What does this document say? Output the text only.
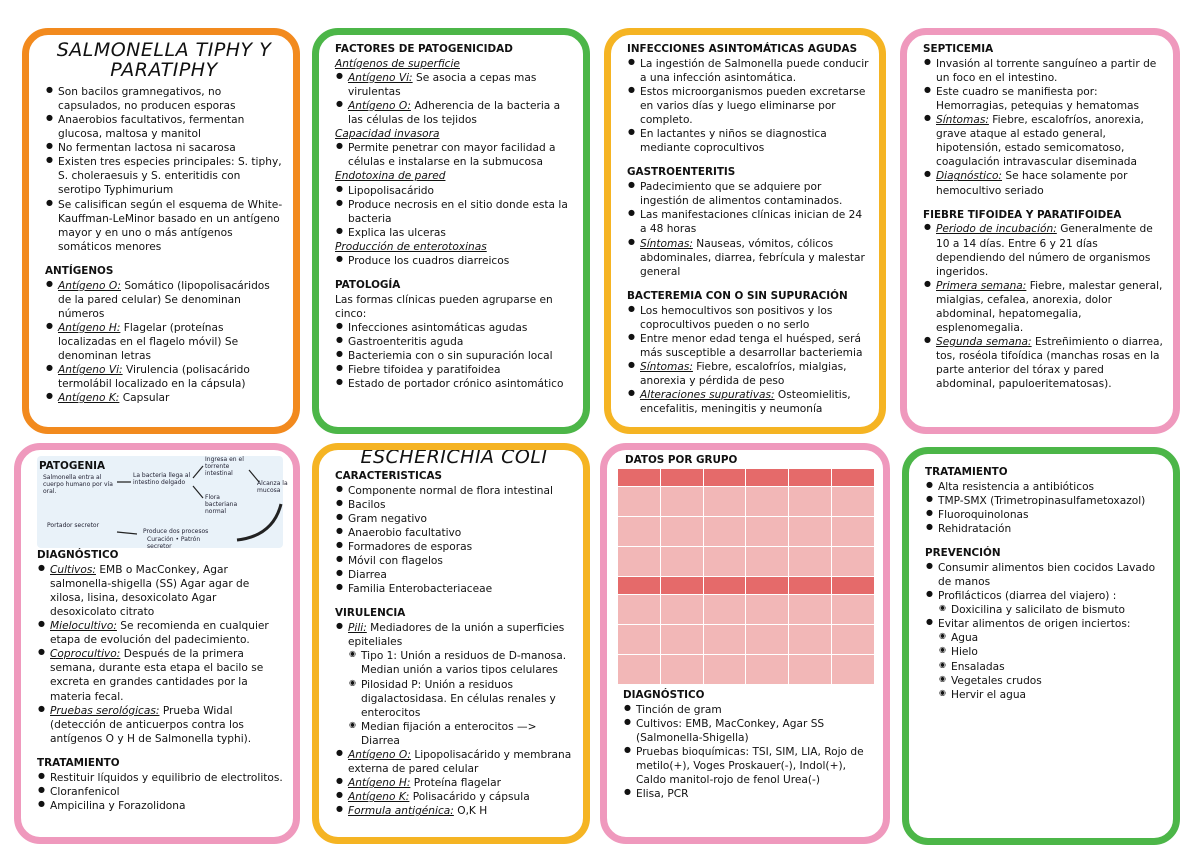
SALMONELLA TIPHY Y PARATIPHY
● Son bacilos gramnegativos, no capsulados, no producen esporas
● Anaerobios facultativos, fermentan glucosa, maltosa y manitol
● No fermentan lactosa ni sacarosa
● Existen tres especies principales: S. tiphy, S. choleraesuis y S. enteritidis con serotipo Typhimurium
● Se calisifican según el esquema de White-Kauffman-LeMinor basado en un antígeno mayor y en uno o más antígenos somáticos menores
ANTÍGENOS
● Antígeno O: Somático (lipopolisacáridos de la pared celular) Se denominan números
● Antígeno H: Flagelar (proteínas localizadas en el flagelo móvil) Se denominan letras
● Antígeno Vi: Virulencia (polisacárido termolábil localizado en la cápsula)
● Antígeno K: Capsular
FACTORES DE PATOGENICIDAD
Antígenos de superficie
● Antígeno Vi: Se asocia a cepas mas virulentas
● Antígeno O: Adherencia de la bacteria a las células de los tejidos
Capacidad invasora
● Permite penetrar con mayor facilidad a células e instalarse en la submucosa
Endotoxina de pared
● Lipopolisacárido
● Produce necrosis en el sitio donde esta la bacteria
● Explica las ulceras
Producción de enterotoxinas
● Produce los cuadros diarreicos
PATOLOGÍA
Las formas clínicas pueden agruparse en cinco:
● Infecciones asintomáticas agudas
● Gastroenteritis aguda
● Bacteriemia con o sin supuración local
● Fiebre tifoidea y paratifoidea
● Estado de portador crónico asintomático
INFECCIONES ASINTOMÁTICAS AGUDAS
● La ingestión de Salmonella puede conducir a una infección asintomática.
● Estos microorganismos pueden excretarse en varios días y luego eliminarse por completo.
● En lactantes y niños se diagnostica mediante coprocultivos
GASTROENTERITIS
● Padecimiento que se adquiere por ingestión de alimentos contaminados.
● Las manifestaciones clínicas inician de 24 a 48 horas
● Síntomas: Nauseas, vómitos, cólicos abdominales, diarrea, febrícula y malestar general
BACTEREMIA CON O SIN SUPURACIÓN
● Los hemocultivos son positivos y los coprocultivos pueden o no serlo
● Entre menor edad tenga el huésped, será más susceptible a desarrollar bacteriemia
● Síntomas: Fiebre, escalofríos, mialgias, anorexia y pérdida de peso
● Alteraciones supurativas: Osteomielitis, encefalitis, meningitis y neumonía
SEPTICEMIA
● Invasión al torrente sanguíneo a partir de un foco en el intestino.
● Este cuadro se manifiesta por: Hemorragias, petequias y hematomas
● Síntomas: Fiebre, escalofríos, anorexia, grave ataque al estado general, hipotensión, estado semicomatoso, coagulación intravascular diseminada
● Diagnóstico: Se hace solamente por hemocultivo seriado
FIEBRE TIFOIDEA Y PARATIFOIDEA
● Periodo de incubación: Generalmente de 10 a 14 días. Entre 6 y 21 días dependiendo del número de organismos ingeridos.
● Primera semana: Fiebre, malestar general, mialgias, cefalea, anorexia, dolor abdominal, hepatomegalia, esplenomegalia.
● Segunda semana: Estreñimiento o diarrea, tos, roséola tifoídica (manchas rosas en la parte anterior del tórax y pared abdominal, papuloeritematosas).
PATOGENIA
Salmonella entra al cuerpo humano por vía oral.
La bacteria llega al intestino delgado
Ingresa en el torrente intestinal
Flora bacteriana normal
Alcanza la mucosa
Portador secretor
Produce dos procesos
Curación • Patrón secretor
DIAGNÓSTICO
● Cultivos: EMB o MacConkey, Agar salmonella-shigella (SS) Agar agar de xilosa, lisina, desoxicolato Agar desoxicolato citrato
● Mielocultivo: Se recomienda en cualquier etapa de evolución del padecimiento.
● Coprocultivo: Después de la primera semana, durante esta etapa el bacilo se excreta en grandes cantidades por la materia fecal.
● Pruebas serológicas: Prueba Widal (detección de anticuerpos contra los antígenos O y H de Salmonella typhi).
TRATAMIENTO
● Restituir líquidos y equilibrio de electrolitos.
● Cloranfenicol
● Ampicilina y Forazolidona
ESCHERICHIA COLI
CARACTERISTICAS
● Componente normal de flora intestinal
● Bacilos
● Gram negativo
● Anaerobio facultativo
● Formadores de esporas
● Móvil con flagelos
● Diarrea
● Familia Enterobacteriaceae
VIRULENCIA
● Pili: Mediadores de la unión a superficies epiteliales
◉ Tipo 1: Unión a residuos de D-manosa. Median unión a varios tipos celulares
◉ Pilosidad P: Unión a residuos digalactosidasa. En células renales y enterocitos
◉ Median fijación a enterocitos —> Diarrea
● Antígeno O: Lipopolisacárido y membrana externa de pared celular
● Antígeno H: Proteína flagelar
● Antígeno K: Polisacárido y cápsula
● Formula antigénica: O,K H
DATOS POR GRUPO

DIAGNÓSTICO
● Tinción de gram
● Cultivos: EMB, MacConkey, Agar SS (Salmonella-Shigella)
● Pruebas bioquímicas: TSI, SIM, LIA, Rojo de metilo(+), Voges Proskauer(-), Indol(+), Caldo manitol-rojo de fenol Urea(-)
● Elisa, PCR
TRATAMIENTO
● Alta resistencia a antibióticos
● TMP-SMX (Trimetropinasulfametoxazol)
● Fluoroquinolonas
● Rehidratación
PREVENCIÓN
● Consumir alimentos bien cocidos Lavado de manos
● Profilácticos (diarrea del viajero) :
◉ Doxicilina y salicilato de bismuto
● Evitar alimentos de origen inciertos:
◉ Agua
◉ Hielo
◉ Ensaladas
◉ Vegetales crudos
◉ Hervir el agua
